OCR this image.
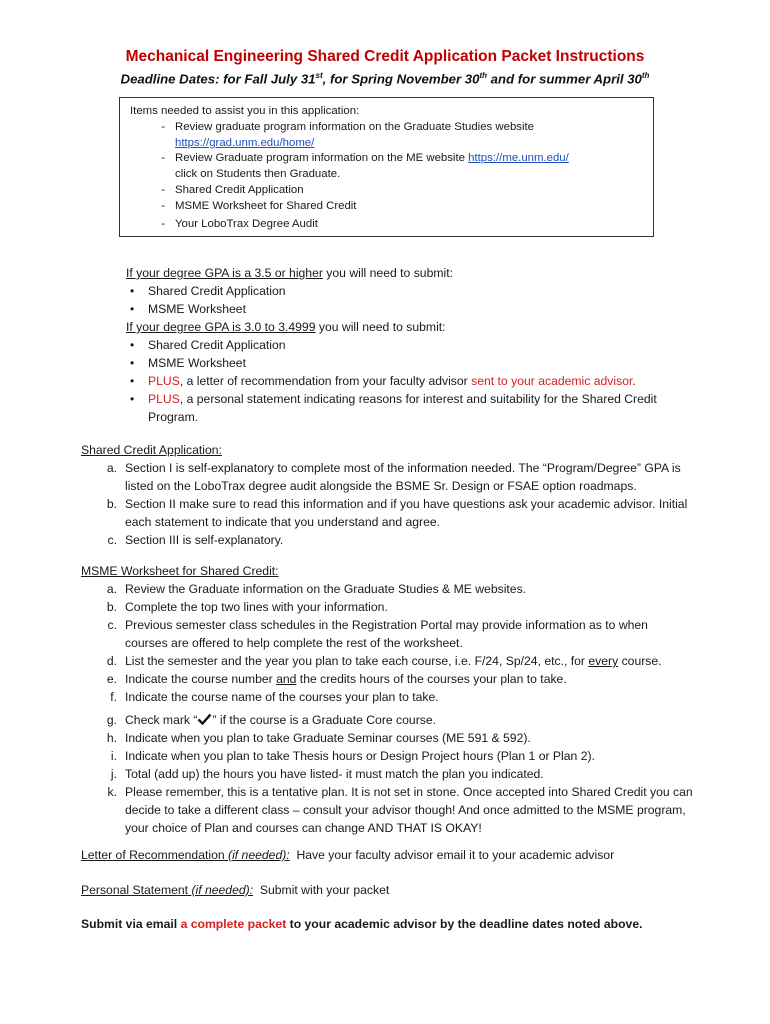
Mechanical Engineering Shared Credit Application Packet Instructions
Deadline Dates: for Fall July 31st, for Spring November 30th and for summer April 30th
Items needed to assist you in this application:
- Review graduate program information on the Graduate Studies website
https://grad.unm.edu/home/
- Review Graduate program information on the ME website https://me.unm.edu/
click on Students then Graduate.
- Shared Credit Application
- MSME Worksheet for Shared Credit
- Your LoboTrax Degree Audit
If your degree GPA is a 3.5 or higher you will need to submit:
•
Shared Credit Application
•
MSME Worksheet
If your degree GPA is 3.0 to 3.4999 you will need to submit:
•
Shared Credit Application
•
MSME Worksheet
•
PLUS, a letter of recommendation from your faculty advisor sent to your academic advisor.
•
PLUS, a personal statement indicating reasons for interest and suitability for the Shared Credit Program.
Shared Credit Application:
a. Section I is self-explanatory to complete most of the information needed. The “Program/Degree” GPA is listed on the LoboTrax degree audit alongside the BSME Sr. Design or FSAE option roadmaps.
b. Section II make sure to read this information and if you have questions ask your academic advisor. Initial each statement to indicate that you understand and agree.
c. Section III is self-explanatory.
MSME Worksheet for Shared Credit:
a. Review the Graduate information on the Graduate Studies & ME websites.
b. Complete the top two lines with your information.
c. Previous semester class schedules in the Registration Portal may provide information as to when courses are offered to help complete the rest of the worksheet.
d. List the semester and the year you plan to take each course, i.e. F/24, Sp/24, etc., for every course.
e. Indicate the course number and the credits hours of the courses your plan to take.
f. Indicate the course name of the courses your plan to take.
g. Check mark “ ” if the course is a Graduate Core course.
h. Indicate when you plan to take Graduate Seminar courses (ME 591 & 592).
i. Indicate when you plan to take Thesis hours or Design Project hours (Plan 1 or Plan 2).
j. Total (add up) the hours you have listed- it must match the plan you indicated.
k. Please remember, this is a tentative plan. It is not set in stone. Once accepted into Shared Credit you can decide to take a different class – consult your advisor though! And once admitted to the MSME program, your choice of Plan and courses can change AND THAT IS OKAY!
Letter of Recommendation (if needed):  Have your faculty advisor email it to your academic advisor
Personal Statement (if needed):  Submit with your packet
Submit via email a complete packet to your academic advisor by the deadline dates noted above.
